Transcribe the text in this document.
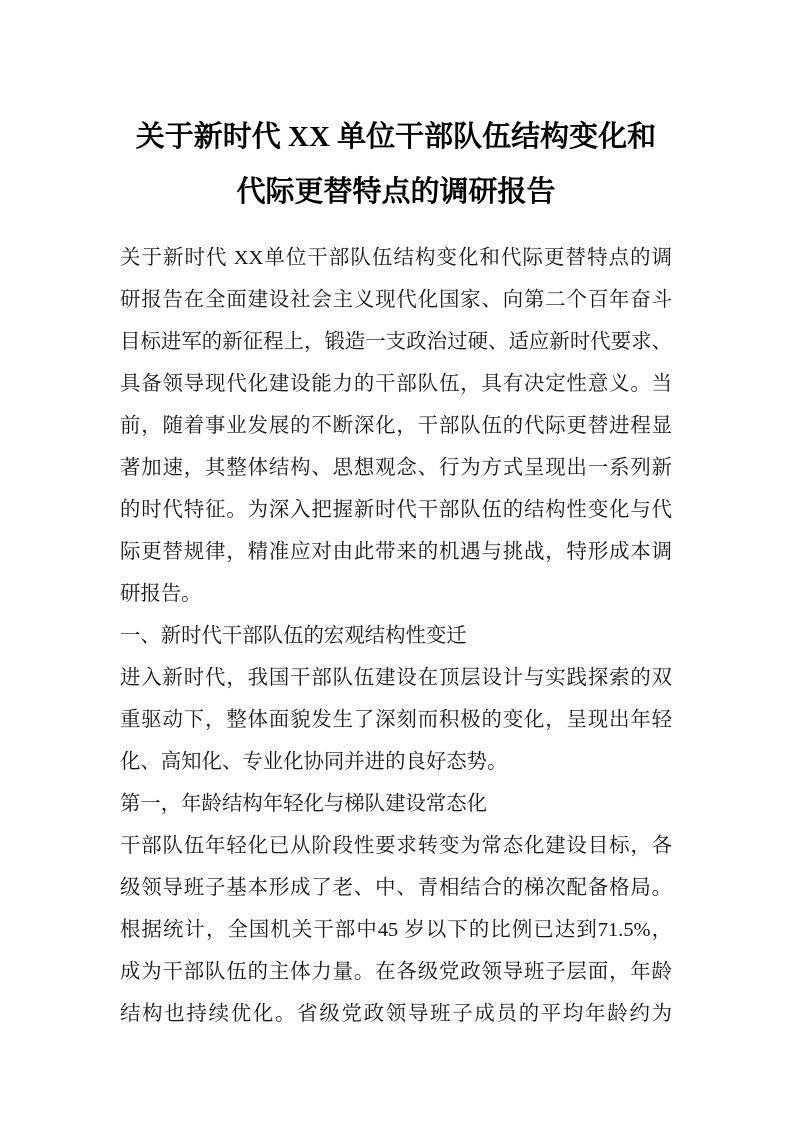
关于新时代 XX 单位干部队伍结构变化和
代际更替特点的调研报告
关于新时代 XX单位干部队伍结构变化和代际更替特点的调
研报告在全面建设社会主义现代化国家、向第二个百年奋斗
目标进军的新征程上，锻造一支政治过硬、适应新时代要求、
具备领导现代化建设能力的干部队伍，具有决定性意义。当
前，随着事业发展的不断深化，干部队伍的代际更替进程显
著加速，其整体结构、思想观念、行为方式呈现出一系列新
的时代特征。为深入把握新时代干部队伍的结构性变化与代
际更替规律，精准应对由此带来的机遇与挑战，特形成本调
研报告。
一、新时代干部队伍的宏观结构性变迁
进入新时代，我国干部队伍建设在顶层设计与实践探索的双
重驱动下，整体面貌发生了深刻而积极的变化，呈现出年轻
化、高知化、专业化协同并进的良好态势。
第一，年龄结构年轻化与梯队建设常态化
干部队伍年轻化已从阶段性要求转变为常态化建设目标，各
级领导班子基本形成了老、中、青相结合的梯次配备格局。
根据统计，全国机关干部中45 岁以下的比例已达到71.5%，
成为干部队伍的主体力量。在各级党政领导班子层面，年龄
结构也持续优化。省级党政领导班子成员的平均年龄约为
